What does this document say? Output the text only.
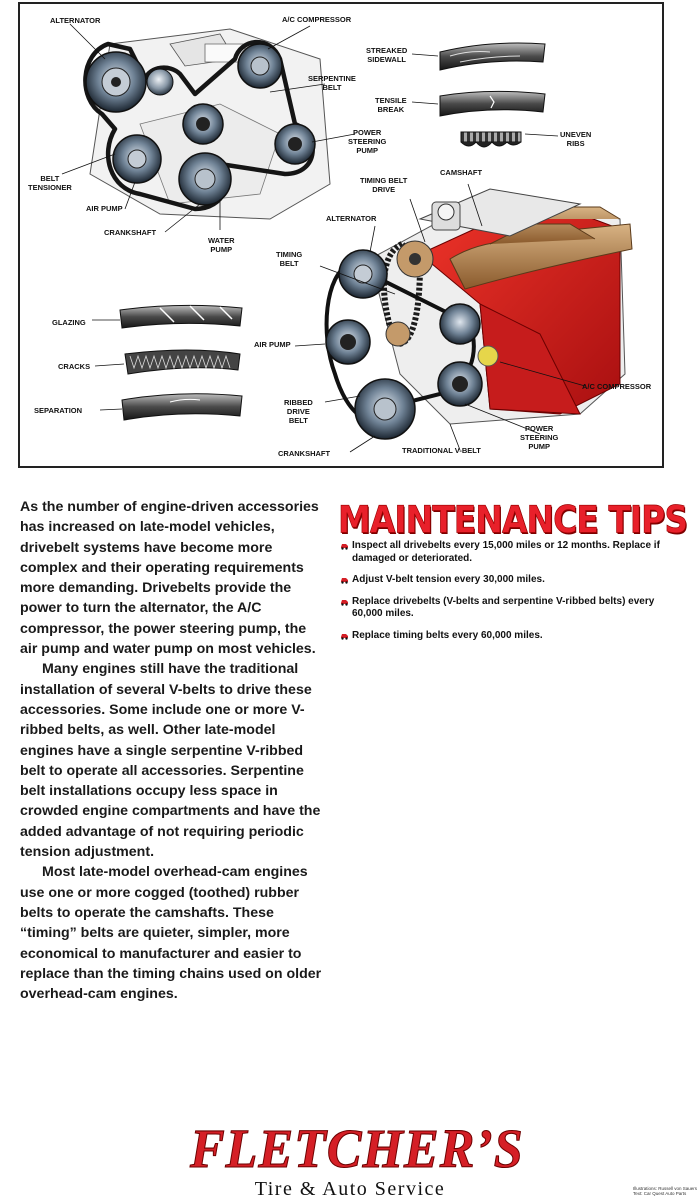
ALTERNATOR	A/C COMPRESSOR
SERPENTINE
BELT
POWER
STEERING
PUMP
BELT
TENSIONER
AIR PUMP
CRANKSHAFT
WATER
PUMP
STREAKED
SIDEWALL
TENSILE
BREAK
UNEVEN
RIBS
CAMSHAFT
TIMING BELT
DRIVE
ALTERNATOR
TIMING
BELT
GLAZING
CRACKS
SEPARATION
AIR PUMP
RIBBED
DRIVE
BELT
CRANKSHAFT	TRADITIONAL V-BELT
POWER
STEERING
PUMP
A/C COMPRESSOR

As the number of engine-driven accessories has increased on late-model vehicles, drivebelt systems have become more complex and their operating requirements more demanding. Drivebelts provide the power to turn the alternator, the A/C compressor, the power steering pump, the air pump and water pump on most vehicles.

Many engines still have the traditional installation of several V-belts to drive these accessories. Some include one or more V-ribbed belts, as well. Other late-model engines have a single serpentine V-ribbed belt to operate all accessories. Serpentine belt installations occupy less space in crowded engine compartments and have the added advantage of not requiring periodic tension adjustment.

Most late-model overhead-cam engines use one or more cogged (toothed) rubber belts to operate the camshafts. These “timing” belts are quieter, simpler, more economical to manufacturer and easier to replace than the timing chains used on older overhead-cam engines.

MAINTENANCE TIPS
Inspect all drivebelts every 15,000 miles or 12 months. Replace if damaged or deteriorated.
Adjust V-belt tension every 30,000 miles.
Replace drivebelts (V-belts and serpentine V-ribbed belts) every 60,000 miles.
Replace timing belts every 60,000 miles.
FLETCHER’S
Tire & Auto Service	Illustrations: Russell von Sauers
Text: Car Quest Auto Parts
